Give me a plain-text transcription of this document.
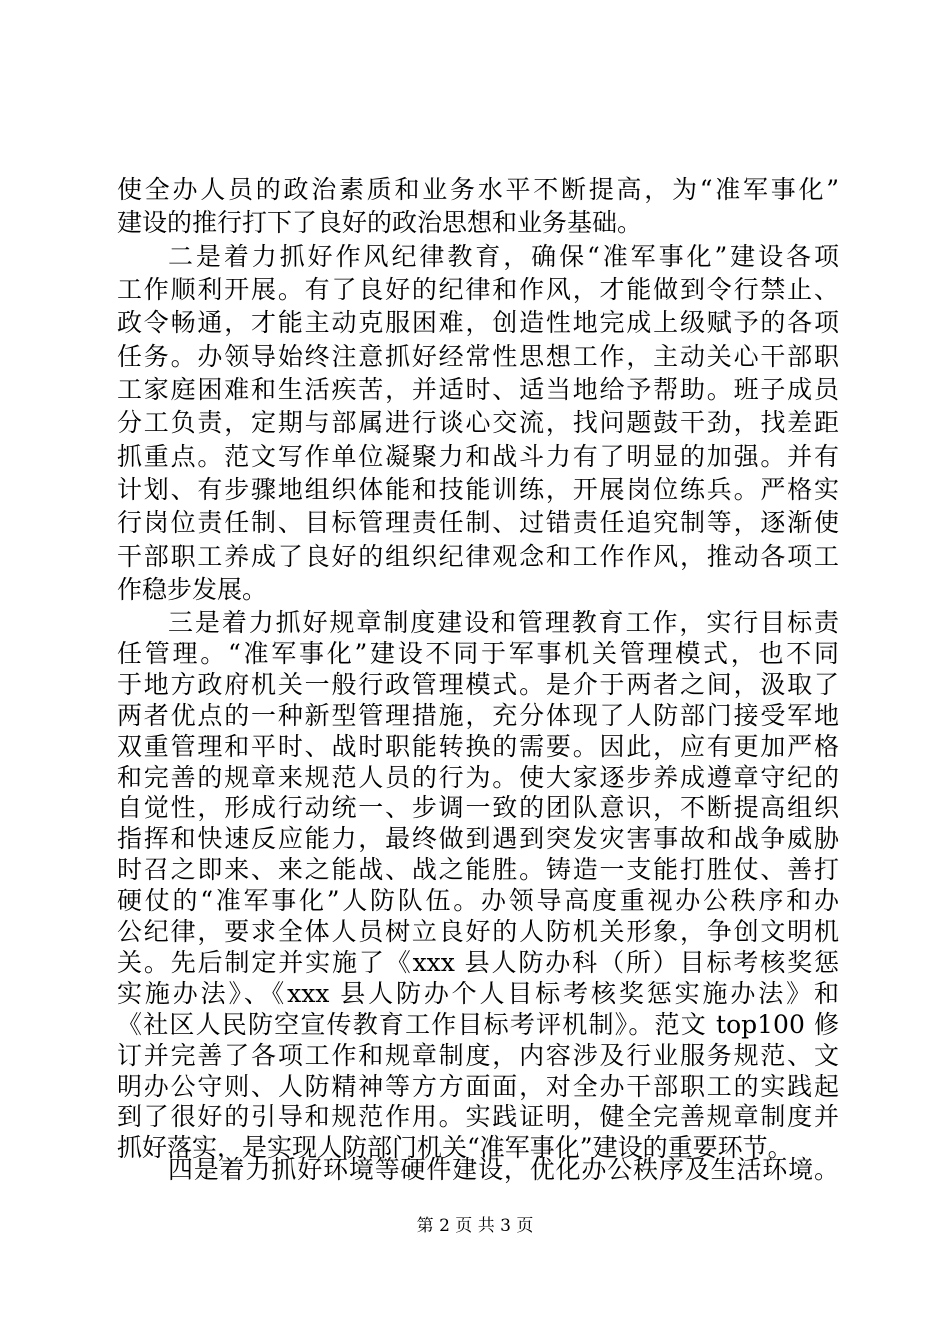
使全办人员的政治素质和业务水平不断提高，为“准军事化”
建设的推行打下了良好的政治思想和业务基础。
二是着力抓好作风纪律教育，确保“准军事化”建设各项
工作顺利开展。有了良好的纪律和作风，才能做到令行禁止、
政令畅通，才能主动克服困难，创造性地完成上级赋予的各项
任务。办领导始终注意抓好经常性思想工作，主动关心干部职
工家庭困难和生活疾苦，并适时、适当地给予帮助。班子成员
分工负责，定期与部属进行谈心交流，找问题鼓干劲，找差距
抓重点。范文写作单位凝聚力和战斗力有了明显的加强。并有
计划、有步骤地组织体能和技能训练，开展岗位练兵。严格实
行岗位责任制、目标管理责任制、过错责任追究制等，逐渐使
干部职工养成了良好的组织纪律观念和工作作风，推动各项工
作稳步发展。
三是着力抓好规章制度建设和管理教育工作，实行目标责
任管理。“准军事化”建设不同于军事机关管理模式，也不同
于地方政府机关一般行政管理模式。是介于两者之间，汲取了
两者优点的一种新型管理措施，充分体现了人防部门接受军地
双重管理和平时、战时职能转换的需要。因此，应有更加严格
和完善的规章来规范人员的行为。使大家逐步养成遵章守纪的
自觉性，形成行动统一、步调一致的团队意识，不断提高组织
指挥和快速反应能力，最终做到遇到突发灾害事故和战争威胁
时召之即来、来之能战、战之能胜。铸造一支能打胜仗、善打
硬仗的“准军事化”人防队伍。办领导高度重视办公秩序和办
公纪律，要求全体人员树立良好的人防机关形象，争创文明机
关。先后制定并实施了《xxx 县人防办科（所）目标考核奖惩
实施办法》、《xxx 县人防办个人目标考核奖惩实施办法》和
《社区人民防空宣传教育工作目标考评机制》。范文 top100 修
订并完善了各项工作和规章制度，内容涉及行业服务规范、文
明办公守则、人防精神等方方面面，对全办干部职工的实践起
到了很好的引导和规范作用。实践证明，健全完善规章制度并
抓好落实，是实现人防部门机关“准军事化”建设的重要环节。
第 2 页 共 3 页
四是着力抓好环境等硬件建设，优化办公秩序及生活环境。
